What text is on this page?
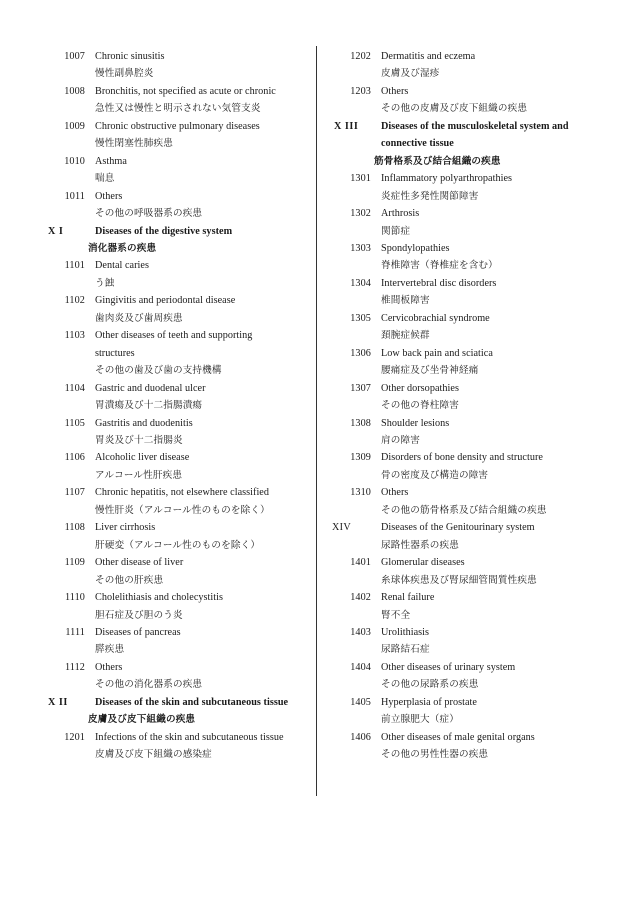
1007 Chronic sinusitis
慢性副鼻腔炎
1008 Bronchitis, not specified as acute or chronic
急性又は慢性と明示されない気管支炎
1009 Chronic obstructive pulmonary diseases
慢性閉塞性肺疾患
1010 Asthma
喘息
1011 Others
その他の呼吸器系の疾患
X I	Diseases of the digestive system
消化器系の疾患
1101 Dental caries
う蝕
1102 Gingivitis and periodontal disease
歯肉炎及び歯周疾患
1103 Other diseases of teeth and supporting
structures
その他の歯及び歯の支持機構
1104 Gastric and duodenal ulcer
胃潰瘍及び十二指腸潰瘍
1105 Gastritis and duodenitis
胃炎及び十二指腸炎
1106 Alcoholic liver disease
アルコール性肝疾患
1107 Chronic hepatitis, not elsewhere classified
慢性肝炎（アルコール性のものを除く）
1108 Liver cirrhosis
肝硬変（アルコール性のものを除く）
1109 Other disease of liver
その他の肝疾患
1110 Cholelithiasis and cholecystitis
胆石症及び胆のう炎
1111 Diseases of pancreas
膵疾患
1112 Others
その他の消化器系の疾患
X II	Diseases of the skin and subcutaneous tissue
皮膚及び皮下組織の疾患
1201 Infections of the skin and subcutaneous tissue
皮膚及び皮下組織の感染症
1202 Dermatitis and eczema
皮膚及び湿疹
1203 Others
その他の皮膚及び皮下組織の疾患
X III	Diseases of the musculoskeletal system and
connective tissue
筋骨格系及び結合組織の疾患
1301 Inflammatory polyarthropathies
炎症性多発性関節障害
1302 Arthrosis
関節症
1303 Spondylopathies
脊椎障害（脊椎症を含む）
1304 Intervertebral disc disorders
椎間板障害
1305 Cervicobrachial syndrome
頚腕症候群
1306 Low back pain and sciatica
腰痛症及び坐骨神経痛
1307 Other dorsopathies
その他の脊柱障害
1308 Shoulder lesions
肩の障害
1309 Disorders of bone density and structure
骨の密度及び構造の障害
1310 Others
その他の筋骨格系及び結合組織の疾患
XIV	Diseases of the Genitourinary system
尿路性器系の疾患
1401 Glomerular diseases
糸球体疾患及び腎尿細管間質性疾患
1402 Renal failure
腎不全
1403 Urolithiasis
尿路結石症
1404 Other diseases of urinary system
その他の尿路系の疾患
1405 Hyperplasia of prostate
前立腺肥大（症）
1406 Other diseases of male genital organs
その他の男性性器の疾患
